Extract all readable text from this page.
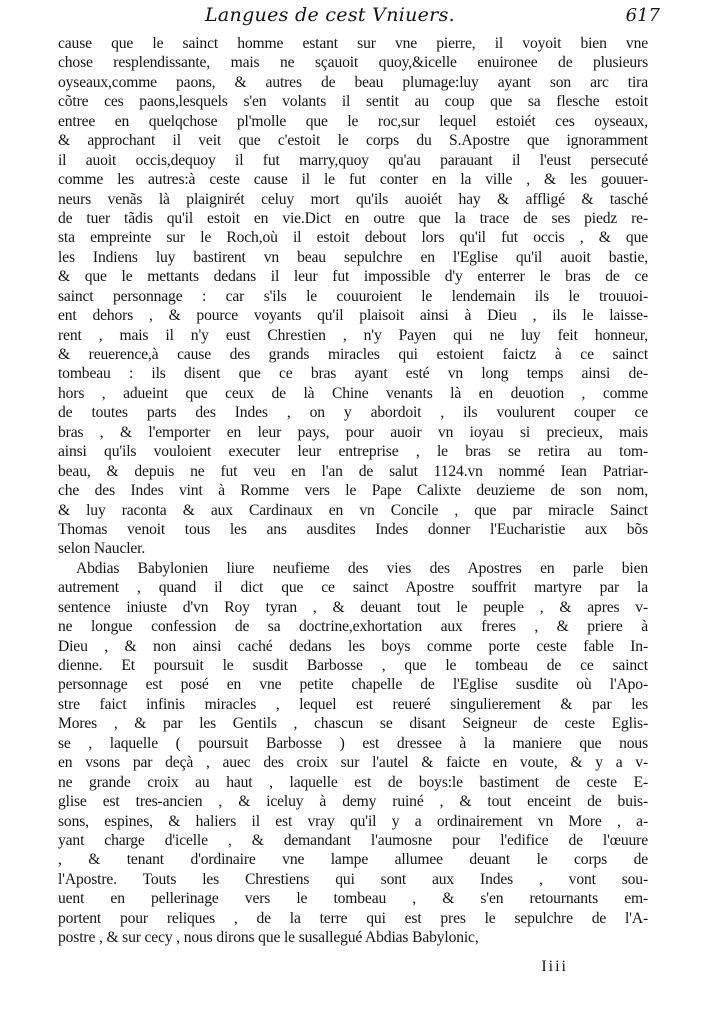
Langues de cest Vniuers.	617
cause que le sainct homme estant sur vne pierre, il voyoit bien vne
chose resplendissante, mais ne sçauoit quoy,&icelle enuironee de plusieurs
oyseaux,comme paons, & autres de beau plumage:luy ayant son arc tira
cõtre ces paons,lesquels s'en volants il sentit au coup que sa flesche estoit
entree en quelqchose pl'molle que le roc,sur lequel estoiét ces oyseaux,
& approchant il veit que c'estoit le corps du S.Apostre que ignoramment
il auoit occis,dequoy il fut marry,quoy qu'au parauant il l'eust persecuté
comme les autres:à ceste cause il le fut conter en la ville , & les gouuer-
neurs venãs là plaignirét celuy mort qu'ils auoiét hay & affligé & tasché
de tuer tãdis qu'il estoit en vie.Dict en outre que la trace de ses piedz re-
sta empreinte sur le Roch,où il estoit debout lors qu'il fut occis , & que
les Indiens luy bastirent vn beau sepulchre en l'Eglise qu'il auoit bastie,
& que le mettants dedans il leur fut impossible d'y enterrer le bras de ce
sainct personnage : car s'ils le couuroient le lendemain ils le trouuoi-
ent dehors , & pource voyants qu'il plaisoit ainsi à Dieu , ils le laisse-
rent , mais il n'y eust Chrestien , n'y Payen qui ne luy feit honneur,
& reuerence,à cause des grands miracles qui estoient faictz à ce sainct
tombeau : ils disent que ce bras ayant esté vn long temps ainsi de-
hors , adueint que ceux de là Chine venants là en deuotion , comme
de toutes parts des Indes , on y abordoit , ils voulurent couper ce
bras , & l'emporter en leur pays, pour auoir vn ioyau si precieux, mais
ainsi qu'ils vouloient executer leur entreprise , le bras se retira au tom-
beau, & depuis ne fut veu en l'an de salut 1124.vn nommé Iean Patriar-
che des Indes vint à Romme vers le Pape Calixte deuzieme de son nom,
& luy raconta & aux Cardinaux en vn Concile , que par miracle Sainct
Thomas venoit tous les ans ausdites Indes donner l'Eucharistie aux bõs
selon Naucler.
Abdias Babylonien liure neufieme des vies des Apostres en parle bien
autrement , quand il dict que ce sainct Apostre souffrit martyre par la
sentence iniuste d'vn Roy tyran , & deuant tout le peuple , & apres v-
ne longue confession de sa doctrine,exhortation aux freres , & priere à
Dieu , & non ainsi caché dedans les boys comme porte ceste fable In-
dienne. Et poursuit le susdit Barbosse , que le tombeau de ce sainct
personnage est posé en vne petite chapelle de l'Eglise susdite où l'Apo-
stre faict infinis miracles , lequel est reueré singulierement & par les
Mores , & par les Gentils , chascun se disant Seigneur de ceste Eglis-
se , laquelle ( poursuit Barbosse ) est dressee à la maniere que nous
en vsons par deçà , auec des croix sur l'autel & faicte en voute, & y a v-
ne grande croix au haut , laquelle est de boys:le bastiment de ceste E-
glise est tres-ancien , & iceluy à demy ruiné , & tout enceint de buis-
sons, espines, & haliers il est vray qu'il y a ordinairement vn More , a-
yant charge d'icelle , & demandant l'aumosne pour l'edifice de l'œuure
, & tenant d'ordinaire vne lampe allumee deuant le corps de
l'Apostre. Touts les Chrestiens qui sont aux Indes , vont sou-
uent en pellerinage vers le tombeau , & s'en retournants em-
portent pour reliques , de la terre qui est pres le sepulchre de l'A-
postre , & sur cecy , nous dirons que le susallegué Abdias Babylonic,
Iiii
